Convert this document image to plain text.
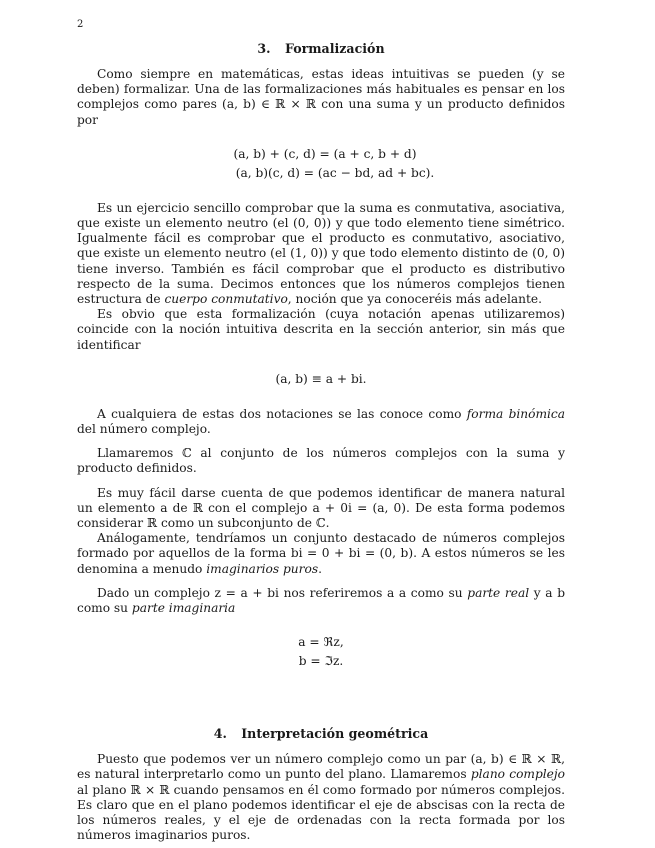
2
3. Formalización

Como siempre en matemáticas, estas ideas intuitivas se pueden (y se deben) formalizar. Una de las formalizaciones más habituales es pensar en los complejos como pares (a, b) ∈ ℝ × ℝ con una suma y un producto definidos por

(a, b) + (c, d) = (a + c, b + d)
(a, b)(c, d) = (ac − bd, ad + bc).

Es un ejercicio sencillo comprobar que la suma es conmutativa, asociativa, que existe un elemento neutro (el (0, 0)) y que todo elemento tiene simétrico. Igualmente fácil es comprobar que el producto es conmutativo, asociativo, que existe un elemento neutro (el (1, 0)) y que todo elemento distinto de (0, 0) tiene inverso. También es fácil comprobar que el producto es distributivo respecto de la suma. Decimos entonces que los números complejos tienen estructura de cuerpo conmutativo, noción que ya conoceréis más adelante.

Es obvio que esta formalización (cuya notación apenas utilizaremos) coincide con la noción intuitiva descrita en la sección anterior, sin más que identificar

(a, b) ≡ a + bi.

A cualquiera de estas dos notaciones se las conoce como forma binómica del número complejo.

Llamaremos ℂ al conjunto de los números complejos con la suma y producto definidos.

Es muy fácil darse cuenta de que podemos identificar de manera natural un elemento a de ℝ con el complejo a + 0i = (a, 0). De esta forma podemos considerar ℝ como un subconjunto de ℂ.

Análogamente, tendríamos un conjunto destacado de números complejos formado por aquellos de la forma bi = 0 + bi = (0, b). A estos números se les denomina a menudo imaginarios puros.

Dado un complejo z = a + bi nos referiremos a a como su parte real y a b como su parte imaginaria

a = ℜz,
b = ℑz.
4. Interpretación geométrica

Puesto que podemos ver un número complejo como un par (a, b) ∈ ℝ × ℝ, es natural interpretarlo como un punto del plano. Llamaremos plano complejo al plano ℝ × ℝ cuando pensamos en él como formado por números complejos. Es claro que en el plano podemos identificar el eje de abscisas con la recta de los números reales, y el eje de ordenadas con la recta formada por los números imaginarios puros.
